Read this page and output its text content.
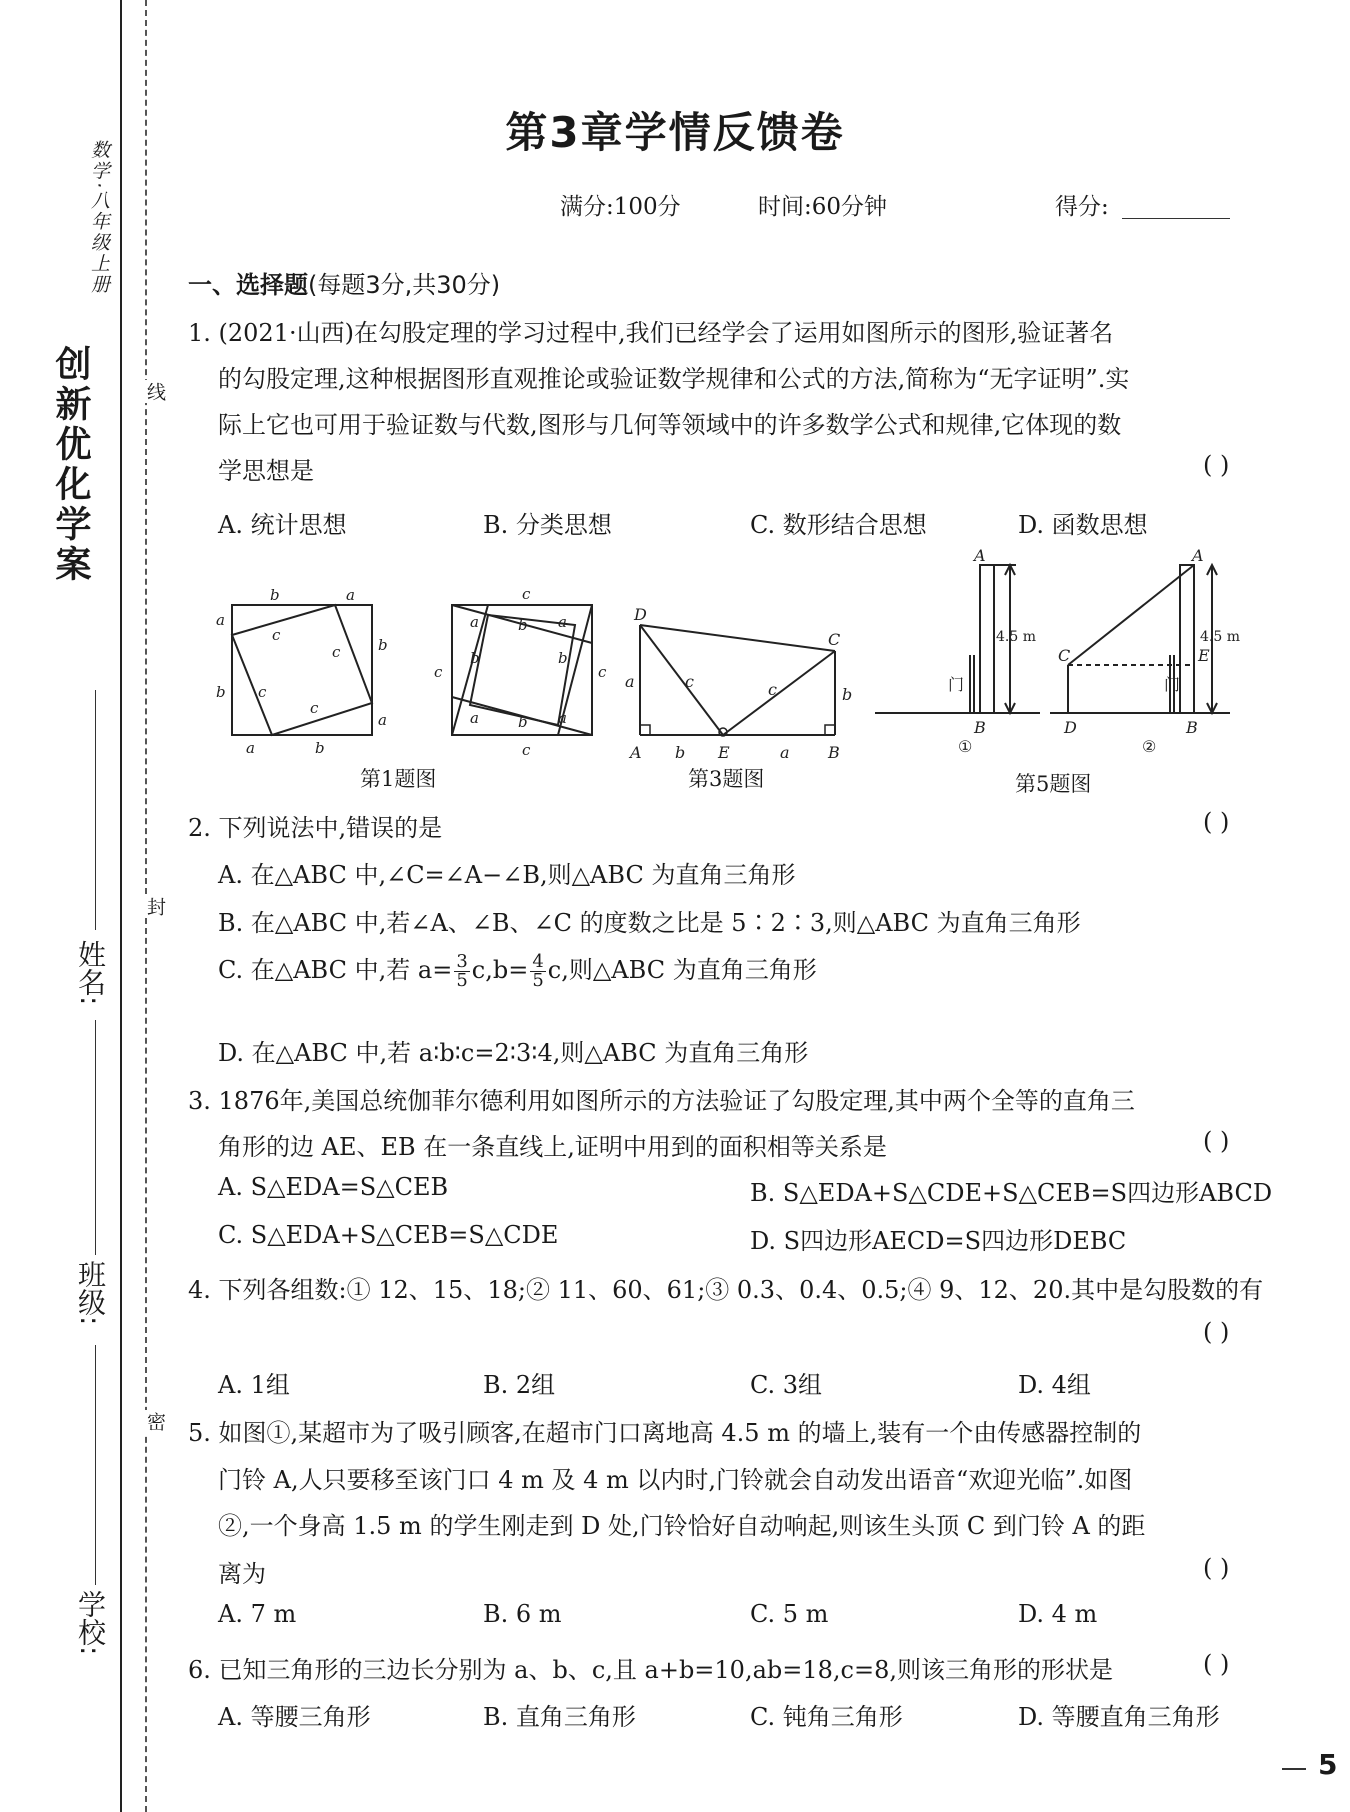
创新优化学案
数学·八年级上册
姓名:
班级:
学校:
线
封
密
第3章学情反馈卷
满分:100分	时间:60分钟	得分:
一、选择题(每题3分,共30分)
1. (2021·山西)在勾股定理的学习过程中,我们已经学会了运用如图所示的图形,验证著名
的勾股定理,这种根据图形直观推论或验证数学规律和公式的方法,简称为“无字证明”.实
际上它也可用于验证数与代数,图形与几何等领域中的许多数学公式和规律,它体现的数
学思想是	( )
A. 统计思想	B. 分类思想	C. 数形结合思想	D. 函数思想
b	a
a
b
b
a
a	b
c
c
c
c
c
c	c
c
a	b a
b	b
a	b a
第1题图
D
C
A	E	B
a
b
c	c
b	a
第3题图
A
B
门
①
4.5 m
A
C	E
D	B
门
②
4.5 m
第5题图
2. 下列说法中,错误的是	( )
A. 在△ABC 中,∠C=∠A−∠B,则△ABC 为直角三角形
B. 在△ABC 中,若∠A、∠B、∠C 的度数之比是 5∶2∶3,则△ABC 为直角三角形
C. 在△ABC 中,若 $a= \frac{3}{5} c,b= \frac{4}{5} c$,则△ABC 为直角三角形
D. 在△ABC 中,若 a∶b∶c=2∶3∶4,则△ABC 为直角三角形
3. 1876年,美国总统伽菲尔德利用如图所示的方法验证了勾股定理,其中两个全等的直角三
角形的边 AE、EB 在一条直线上,证明中用到的面积相等关系是	( )
A. S△EDA=S△CEB	B. S△EDA+S△CDE+S△CEB=S四边形ABCD
C. S△EDA+S△CEB=S△CDE	D. S四边形AECD=S四边形DEBC
4. 下列各组数:① 12、15、18;② 11、60、61;③ 0.3、0.4、0.5;④ 9、12、20.其中是勾股数的有
( )
A. 1组	B. 2组	C. 3组	D. 4组
5. 如图①,某超市为了吸引顾客,在超市门口离地高 4.5 m 的墙上,装有一个由传感器控制的
门铃 A,人只要移至该门口 4 m 及 4 m 以内时,门铃就会自动发出语音“欢迎光临”.如图
②,一个身高 1.5 m 的学生刚走到 D 处,门铃恰好自动响起,则该生头顶 C 到门铃 A 的距
离为	( )
A. 7 m	B. 6 m	C. 5 m	D. 4 m
6. 已知三角形的三边长分别为 a、b、c,且 a+b=10,ab=18,c=8,则该三角形的形状是	( )
A. 等腰三角形	B. 直角三角形	C. 钝角三角形	D. 等腰直角三角形
5
